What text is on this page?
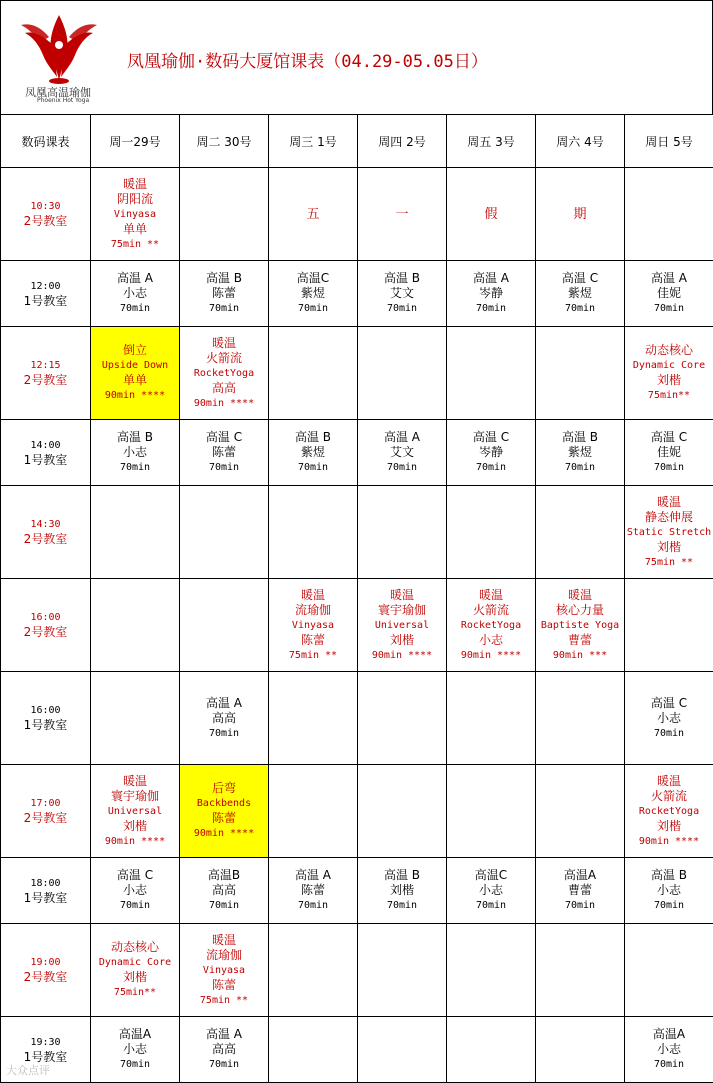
凤凰高温瑜伽
Phoenix Hot Yoga
凤凰瑜伽·数码大厦馆课表（04.29-05.05日）
数码课表	周一29号	周二 30号	周三 1号	周四 2号	周五 3号	周六 4号	周日 5号

10:30
2号教室	暖温
阴阳流
Vinyasa
单单
75min **		五	一	假	期	

12:00
1号教室	高温 A
小志
70min	高温 B
陈蕾
70min	高温C
紫煜
70min	高温 B
艾文
70min	高温 A
岑静
70min	高温 C
紫煜
70min	高温 A
佳妮
70min

12:15
2号教室	倒立
Upside Down
单单
90min ****	暖温
火箭流
RocketYoga
高高
90min ****					动态核心
Dynamic Core
刘楷
75min**

14:00
1号教室	高温 B
小志
70min	高温 C
陈蕾
70min	高温 B
紫煜
70min	高温 A
艾文
70min	高温 C
岑静
70min	高温 B
紫煜
70min	高温 C
佳妮
70min

14:30
2号教室							暖温
静态伸展
Static Stretch
刘楷
75min **

16:00
2号教室			暖温
流瑜伽
Vinyasa
陈蕾
75min **	暖温
寰宇瑜伽
Universal
刘楷
90min ****	暖温
火箭流
RocketYoga
小志
90min ****	暖温
核心力量
Baptiste Yoga
曹蕾
90min ***	

16:00
1号教室		高温 A
高高
70min					高温 C
小志
70min

17:00
2号教室	暖温
寰宇瑜伽
Universal
刘楷
90min ****	后弯
Backbends
陈蕾
90min ****					暖温
火箭流
RocketYoga
刘楷
90min ****

18:00
1号教室	高温 C
小志
70min	高温B
高高
70min	高温 A
陈蕾
70min	高温 B
刘楷
70min	高温C
小志
70min	高温A
曹蕾
70min	高温 B
小志
70min

19:00
2号教室	动态核心
Dynamic Core
刘楷
75min**	暖温
流瑜伽
Vinyasa
陈蕾
75min **					

19:30
1号教室	高温A
小志
70min	高温 A
高高
70min					高温A
小志
70min
大众点评
